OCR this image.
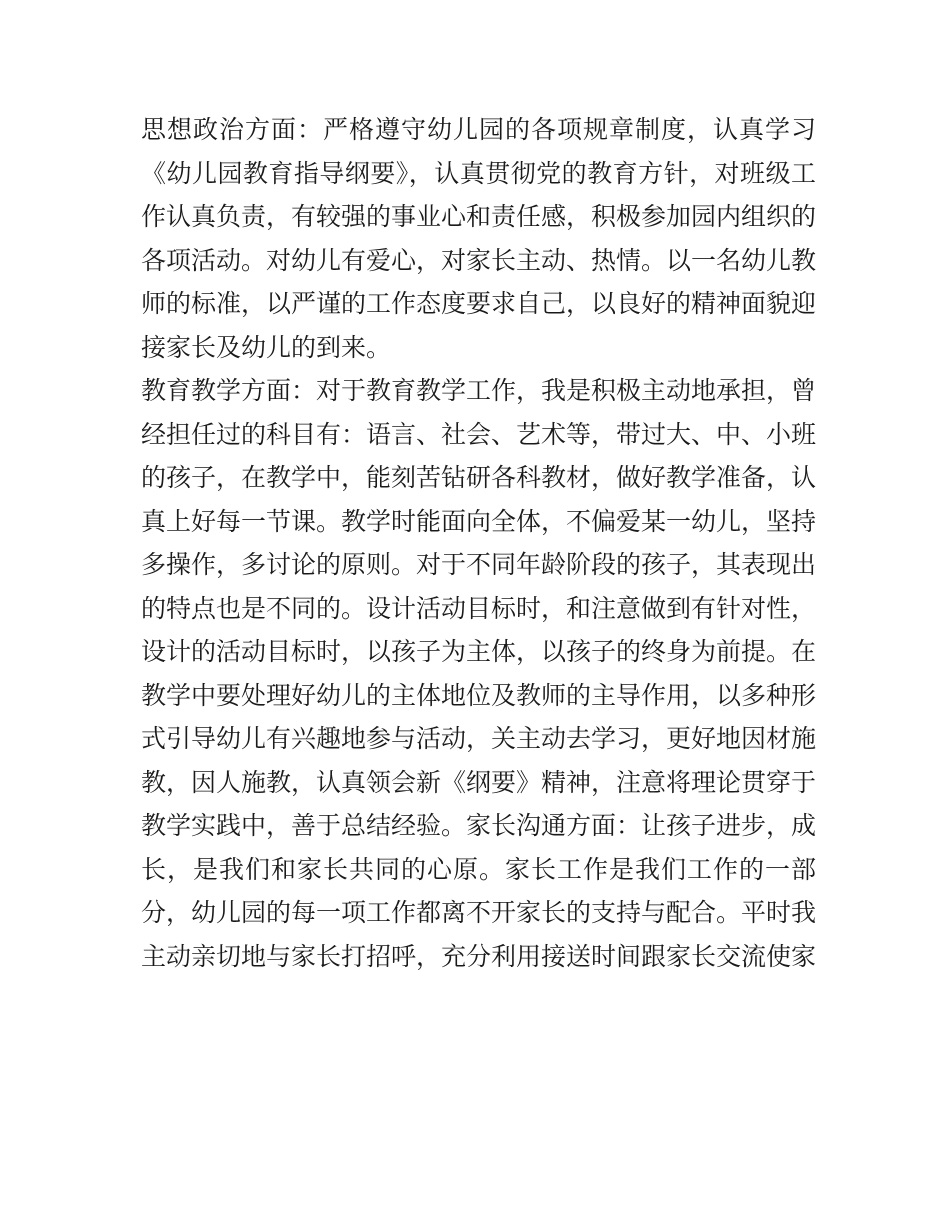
思想政治方面：严格遵守幼儿园的各项规章制度，认真学习
《幼儿园教育指导纲要》，认真贯彻党的教育方针，对班级工
作认真负责，有较强的事业心和责任感，积极参加园内组织的
各项活动。对幼儿有爱心，对家长主动、热情。以一名幼儿教
师的标准，以严谨的工作态度要求自己，以良好的精神面貌迎
接家长及幼儿的到来。
教育教学方面：对于教育教学工作，我是积极主动地承担，曾
经担任过的科目有：语言、社会、艺术等，带过大、中、小班
的孩子，在教学中，能刻苦钻研各科教材，做好教学准备，认
真上好每一节课。教学时能面向全体，不偏爱某一幼儿，坚持
多操作，多讨论的原则。对于不同年龄阶段的孩子，其表现出
的特点也是不同的。设计活动目标时，和注意做到有针对性，
设计的活动目标时，以孩子为主体，以孩子的终身为前提。在
教学中要处理好幼儿的主体地位及教师的主导作用，以多种形
式引导幼儿有兴趣地参与活动，关主动去学习，更好地因材施
教，因人施教，认真领会新《纲要》精神，注意将理论贯穿于
教学实践中，善于总结经验。家长沟通方面：让孩子进步，成
长，是我们和家长共同的心原。家长工作是我们工作的一部
分，幼儿园的每一项工作都离不开家长的支持与配合。平时我
主动亲切地与家长打招呼，充分利用接送时间跟家长交流使家
